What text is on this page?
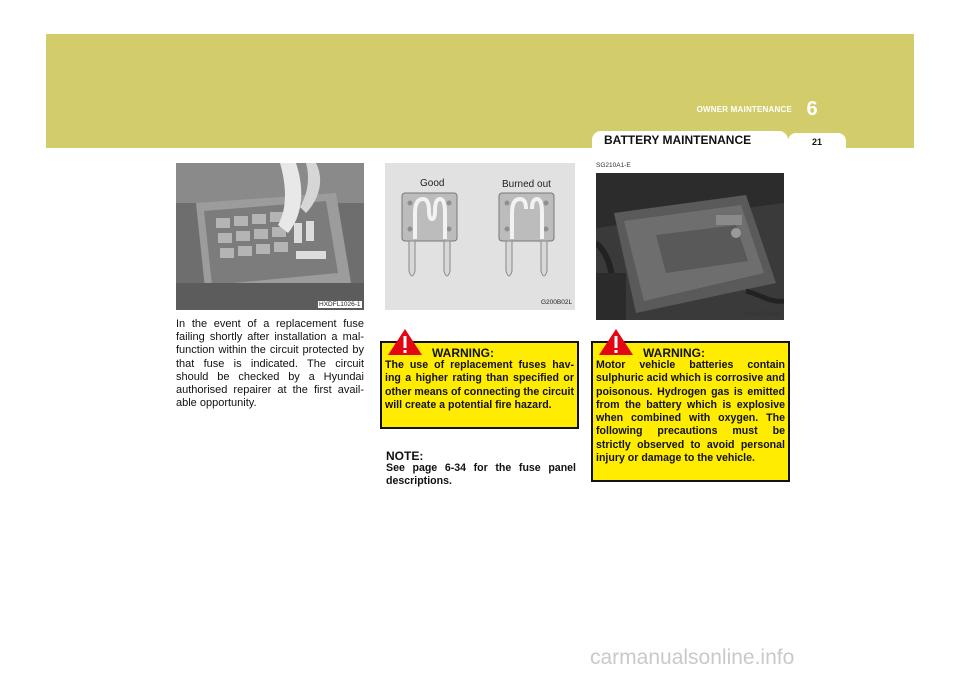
6
OWNER MAINTENANCE
BATTERY MAINTENANCE	21
HXDFL1026-1

In the event of a replacement fuse failing shortly after installation a mal-function within the circuit protected by that fuse is indicated. The circuit should be checked by a Hyundai authorised repairer at the first avail-able opportunity.

Good	Burned out
G200B02L
WARNING:

The use of replacement fuses hav-ing a higher rating than specified or other means of connecting the circuit will create a potential fire hazard.

NOTE:

See page 6-34 for the fuse panel descriptions.

SG210A1-E
OGK076026
WARNING:

Motor vehicle batteries contain sulphuric acid which is corrosive and poisonous. Hydrogen gas is emitted from the battery which is explosive when combined with oxygen. The following precautions must be strictly observed to avoid personal injury or damage to the vehicle.

carmanualsonline.info
